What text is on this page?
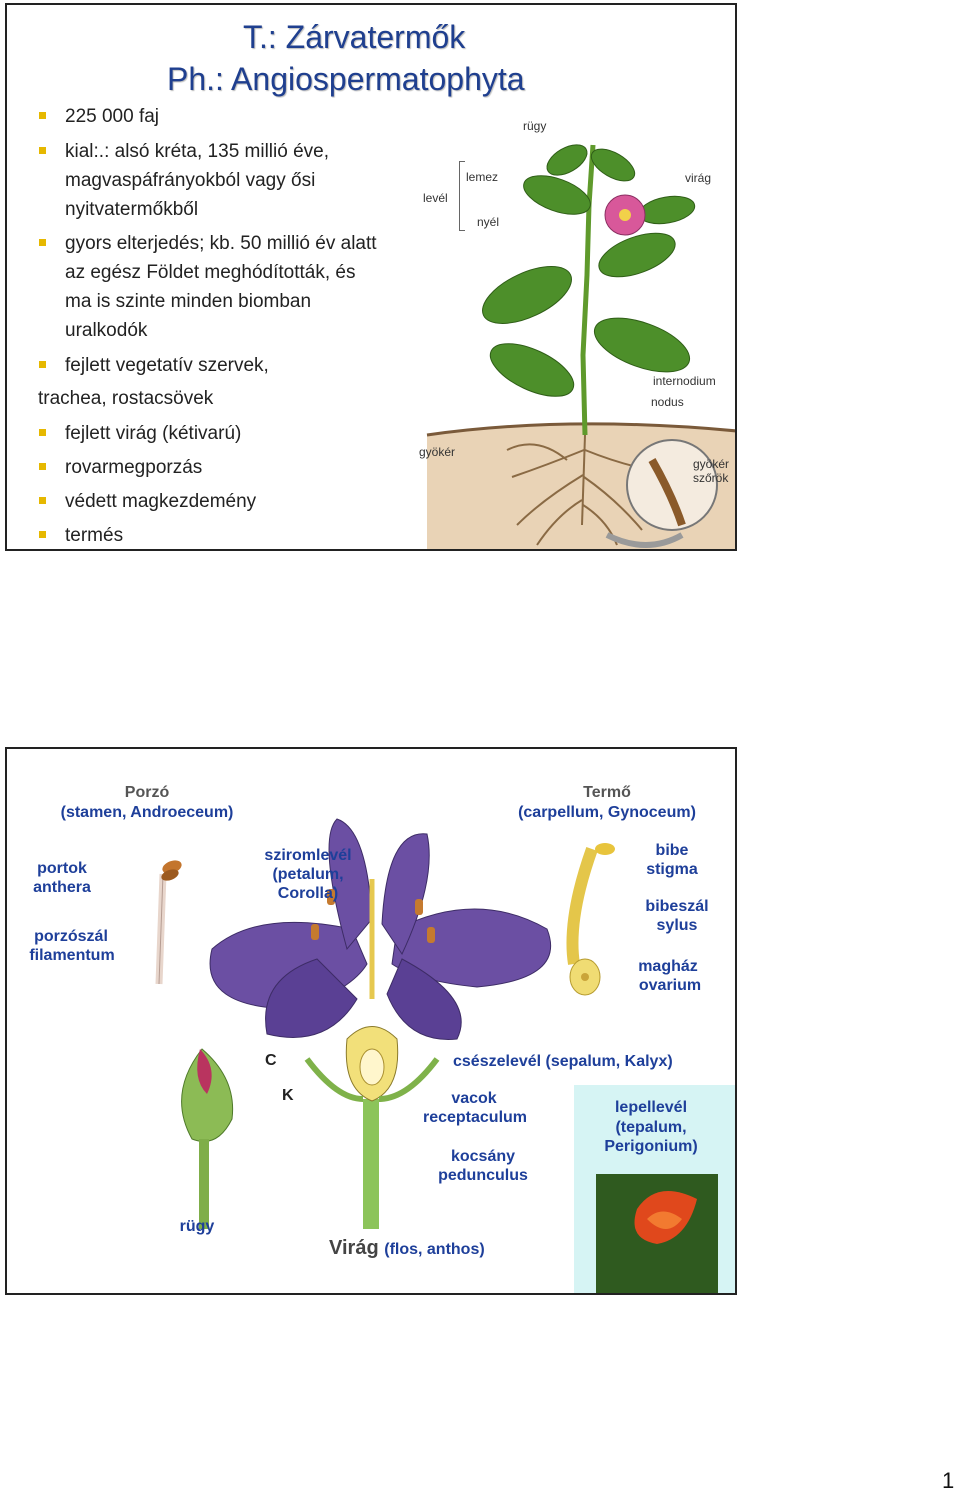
T.: Zárvatermők
Ph.: Angiospermatophyta
225 000 faj
kial:.: alsó kréta, 135 millió éve,
magvaspáfrányokból vagy ősi
nyitvatermőkből
gyors elterjedés; kb. 50 millió év alatt
az egész Földet meghódították, és
ma is szinte minden biomban
uralkodók
fejlett vegetatív szervek,
trachea, rostacsövek
fejlett virág (kétivarú)
rovarmegporzás
védett magkezdemény
termés
rügy
levél
lemez
nyél
virág
internodium
nodus
gyökér
gyökér
szőrök
Porzó
(stamen, Androeceum)
Termő
(carpellum, Gynoceum)
portok
anthera
porzószál
filamentum
sziromlevél
(petalum,
Corolla)
bibe
stigma
bibeszál
sylus
magház
ovarium
C
K
csészelevél (sepalum, Kalyx)
vacok
receptaculum
kocsány
pedunculus
lepellevél
(tepalum,
Perigonium)
rügy
Virág (flos, anthos)
1
